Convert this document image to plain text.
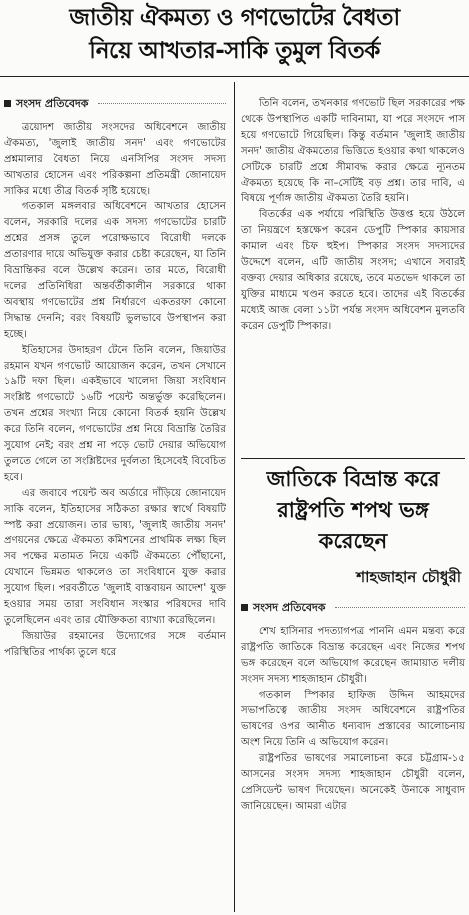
জাতীয় ঐকমত্য ও গণভোটের বৈধতা
নিয়ে আখতার-সাকি তুমুল বিতর্ক
সংসদ প্রতিবেদক

ত্রয়োদশ জাতীয় সংসদের অধিবেশনে জাতীয় ঐকমত্য, 'জুলাই জাতীয় সনদ' এবং গণভোটের প্রশ্নমালার বৈধতা নিয়ে এনসিপির সংসদ সদস্য আখতার হোসেন এবং পরিকল্পনা প্রতিমন্ত্রী জোনায়েদ সাকির মধ্যে তীব্র বিতর্ক সৃষ্টি হয়েছে।

গতকাল মঙ্গলবার অধিবেশনে আখতার হোসেন বলেন, সরকারি দলের এক সদস্য গণভোটের চারটি প্রশ্নের প্রসঙ্গ তুলে পরোক্ষভাবে বিরোধী দলকে প্রতারণার দায়ে অভিযুক্ত করার চেষ্টা করেছেন, যা তিনি বিভ্রান্তিকর বলে উল্লেখ করেন। তার মতে, বিরোধী দলের প্রতিনিধিরা অন্তর্বর্তীকালীন সরকারে থাকা অবস্থায় গণভোটের প্রশ্ন নির্ধারণে একতরফা কোনো সিদ্ধান্ত দেননি; বরং বিষয়টি ভুলভাবে উপস্থাপন করা হচ্ছে।

ইতিহাসের উদাহরণ টেনে তিনি বলেন, জিয়াউর রহমান যখন গণভোট আয়োজন করেন, তখন সেখানে ১৯টি দফা ছিল। একইভাবে খালেদা জিয়া সংবিধান সংশ্লিষ্ট গণভোটে ১৬টি পয়েন্ট অন্তর্ভুক্ত করেছিলেন। তখন প্রশ্নের সংখ্যা নিয়ে কোনো বিতর্ক হয়নি উল্লেখ করে তিনি বলেন, গণভোটের প্রশ্ন নিয়ে বিভ্রান্তি তৈরির সুযোগ নেই; বরং প্রশ্ন না পড়ে ভোট দেয়ার অভিযোগ তুলতে গেলে তা সংশ্লিষ্টদের দুর্বলতা হিসেবেই বিবেচিত হবে।

এর জবাবে পয়েন্ট অব অর্ডারে দাঁড়িয়ে জোনায়েদ সাকি বলেন, ইতিহাসের সঠিকতা রক্ষার স্বার্থে বিষয়টি স্পষ্ট করা প্রয়োজন। তার ভাষ্য, 'জুলাই জাতীয় সনদ' প্রণয়নের ক্ষেত্রে ঐকমত্য কমিশনের প্রাথমিক লক্ষ্য ছিল সব পক্ষের মতামত নিয়ে একটি ঐকমত্যে পৌঁছানো, যেখানে ভিন্নমত থাকলেও তা সংবিধানে যুক্ত করার সুযোগ ছিল। পরবর্তীতে 'জুলাই বাস্তবায়ন আদেশ' যুক্ত হওয়ার সময় তারা সংবিধান সংস্কার পরিষদের দাবি তুলেছিলেন এবং তার যৌক্তিকতা ব্যাখ্যা করেছিলেন।

জিয়াউর রহমানের উদ্যোগের সঙ্গে বর্তমান পরিস্থিতির পার্থক্য তুলে ধরে

তিনি বলেন, তখনকার গণভোট ছিল সরকারের পক্ষ থেকে উপস্থাপিত একটি দাবিনামা, যা পরে সংসদে পাস হয়ে গণভোটে গিয়েছিল। কিন্তু বর্তমান 'জুলাই জাতীয় সনদ' জাতীয় ঐকমত্যের ভিত্তিতে হওয়ার কথা থাকলেও সেটিকে চারটি প্রশ্নে সীমাবদ্ধ করার ক্ষেত্রে ন্যূনতম ঐকমত্য হয়েছে কি না–সেটিই বড় প্রশ্ন। তার দাবি, এ বিষয়ে পূর্ণাঙ্গ জাতীয় ঐকমত্য তৈরি হয়নি।

বিতর্কের এক পর্যায়ে পরিস্থিতি উত্তপ্ত হয়ে উঠলে তা নিয়ন্ত্রণে হস্তক্ষেপ করেন ডেপুটি স্পিকার কায়সার কামাল এবং চিফ হুইপ। স্পিকার সংসদ সদস্যদের উদ্দেশে বলেন, এটি জাতীয় সংসদ; এখানে সবারই বক্তব্য দেয়ার অধিকার রয়েছে, তবে মতভেদ থাকলে তা যুক্তির মাধ্যমে খণ্ডন করতে হবে। তাদের এই বিতর্কের মধ্যেই আজ বেলা ১১টা পর্যন্ত সংসদ অধিবেশন মুলতবি করেন ডেপুটি স্পিকার।

জাতিকে বিভ্রান্ত করে
রাষ্ট্রপতি শপথ ভঙ্গ
করেছেন
শাহজাহান চৌধুরী
সংসদ প্রতিবেদক

শেখ হাসিনার পদত্যাগপত্র পাননি এমন মন্তব্য করে রাষ্ট্রপতি জাতিকে বিভ্রান্ত করেছেন এবং নিজের শপথ ভঙ্গ করেছেন বলে অভিযোগ করেছেন জামায়াত দলীয় সংসদ সদস্য শাহজাহান চৌধুরী।

গতকাল স্পিকার হাফিজ উদ্দিন আহমদের সভাপতিত্বে জাতীয় সংসদ অধিবেশনে রাষ্ট্রপতির ভাষণের ওপর আনীত ধন্যবাদ প্রস্তাবের আলোচনায় অংশ নিয়ে তিনি এ অভিযোগ করেন।

রাষ্ট্রপতির ভাষণের সমালোচনা করে চট্টগ্রাম-১৫ আসনের সংসদ সদস্য শাহজাহান চৌধুরী বলেন, প্রেসিডেন্ট ভাষণ দিয়েছেন। অনেকেই উনাকে সাধুবাদ জানিয়েছেন। আমরা এটার
